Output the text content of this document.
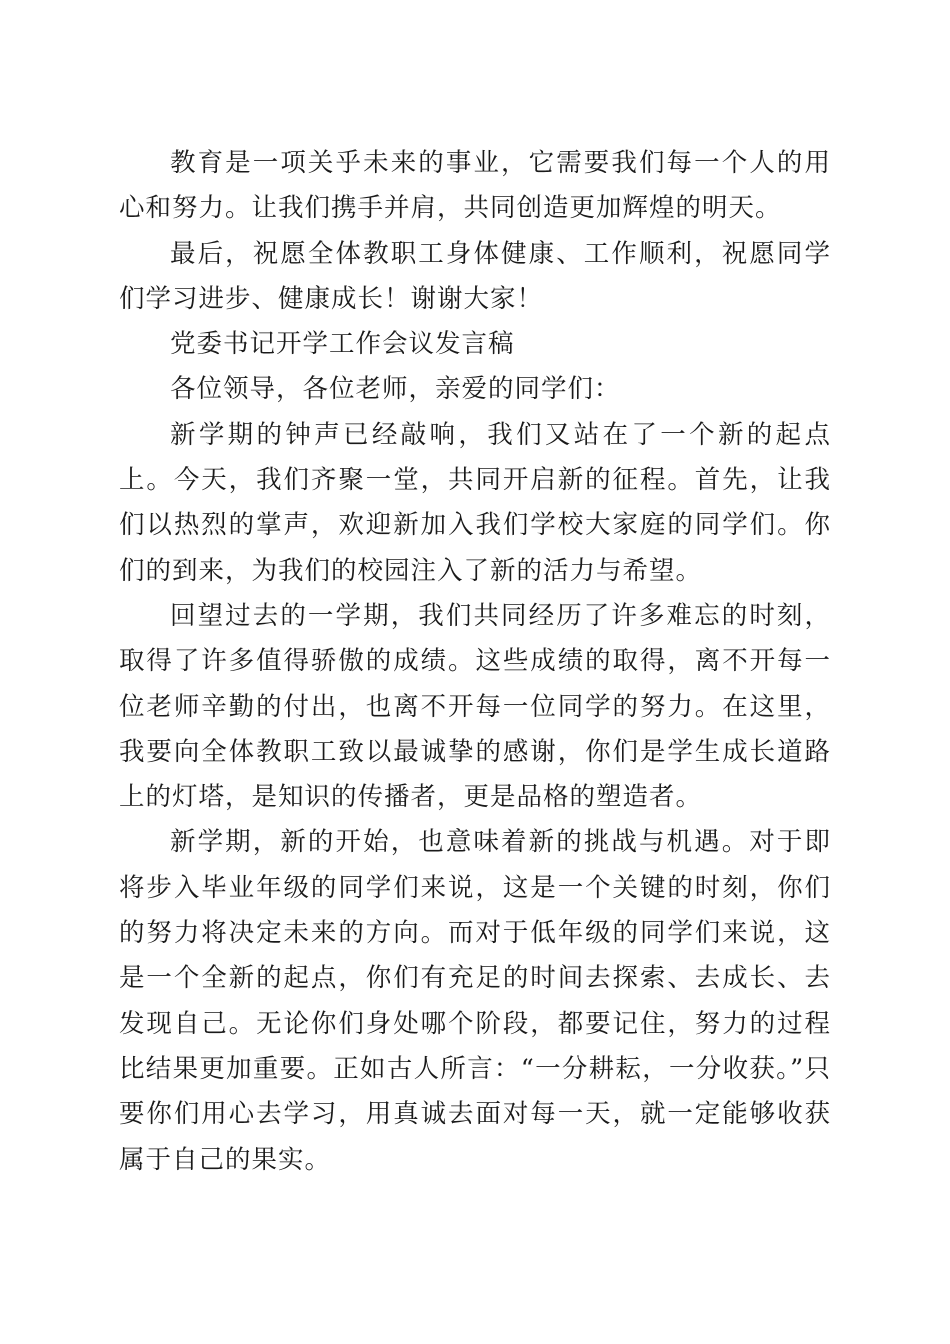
教育是一项关乎未来的事业，它需要我们每一个人的用心和努力。让我们携手并肩，共同创造更加辉煌的明天。

最后，祝愿全体教职工身体健康、工作顺利，祝愿同学们学习进步、健康成长！谢谢大家！

党委书记开学工作会议发言稿

各位领导，各位老师，亲爱的同学们：

新学期的钟声已经敲响，我们又站在了一个新的起点上。今天，我们齐聚一堂，共同开启新的征程。首先，让我们以热烈的掌声，欢迎新加入我们学校大家庭的同学们。你们的到来，为我们的校园注入了新的活力与希望。

回望过去的一学期，我们共同经历了许多难忘的时刻，取得了许多值得骄傲的成绩。这些成绩的取得，离不开每一位老师辛勤的付出，也离不开每一位同学的努力。在这里，我要向全体教职工致以最诚挚的感谢，你们是学生成长道路上的灯塔，是知识的传播者，更是品格的塑造者。

新学期，新的开始，也意味着新的挑战与机遇。对于即将步入毕业年级的同学们来说，这是一个关键的时刻，你们的努力将决定未来的方向。而对于低年级的同学们来说，这是一个全新的起点，你们有充足的时间去探索、去成长、去发现自己。无论你们身处哪个阶段，都要记住，努力的过程比结果更加重要。正如古人所言：“一分耕耘，一分收获。”只要你们用心去学习，用真诚去面对每一天，就一定能够收获属于自己的果实。
